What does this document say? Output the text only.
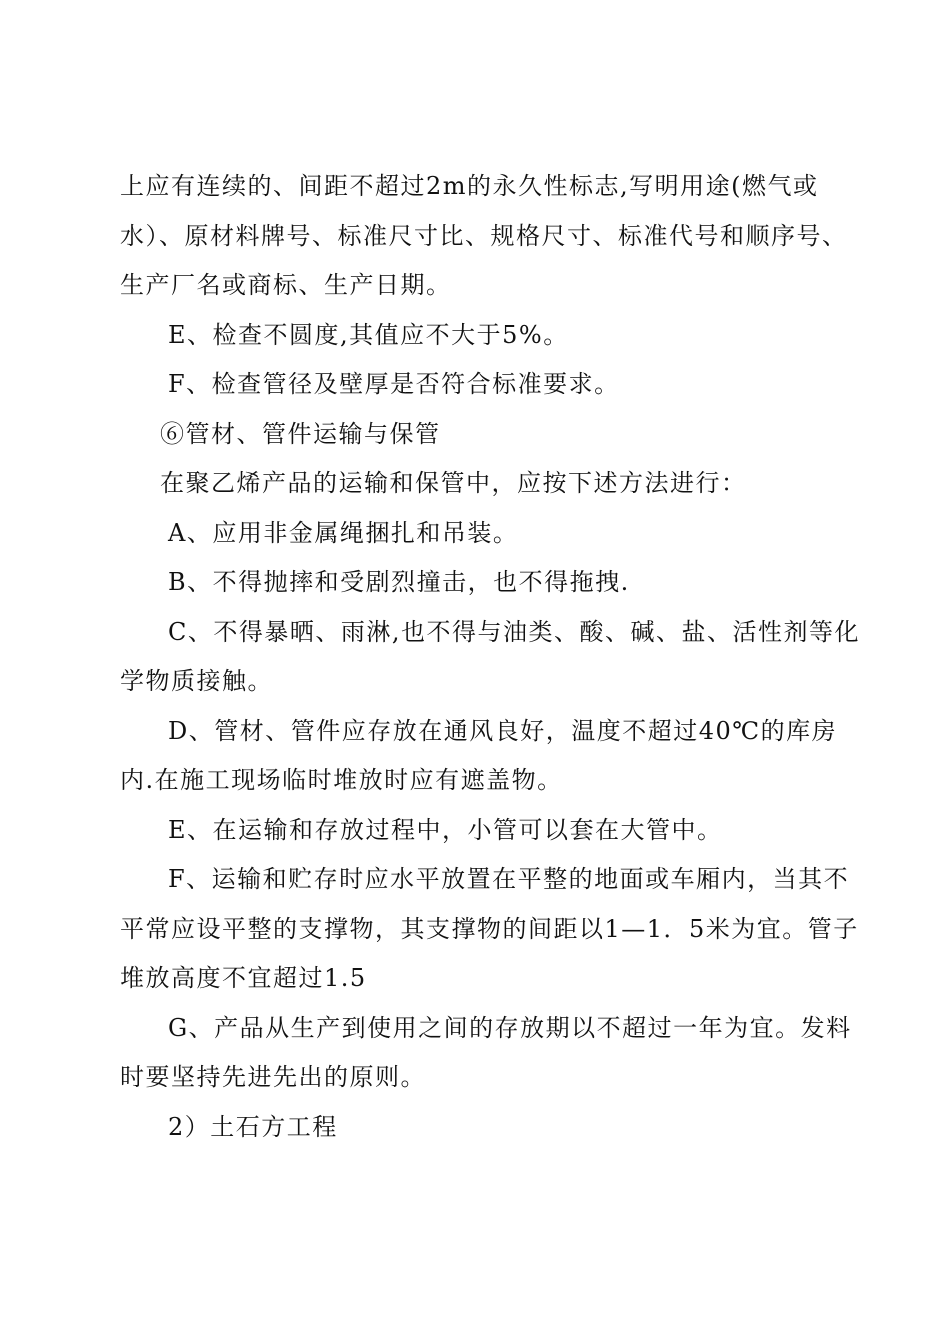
上应有连续的、间距不超过2m的永久性标志,写明用途(燃气或水）、原材料牌号、标准尺寸比、规格尺寸、标准代号和顺序号、生产厂名或商标、生产日期。

E、检查不圆度,其值应不大于5%。

F、检查管径及壁厚是否符合标准要求。

⑥管材、管件运输与保管

在聚乙烯产品的运输和保管中，应按下述方法进行：

A、应用非金属绳捆扎和吊装。

B、不得抛摔和受剧烈撞击，也不得拖拽.

C、不得暴晒、雨淋,也不得与油类、酸、碱、盐、活性剂等化学物质接触。

D、管材、管件应存放在通风良好，温度不超过40℃的库房内.在施工现场临时堆放时应有遮盖物。

E、在运输和存放过程中，小管可以套在大管中。

F、运输和贮存时应水平放置在平整的地面或车厢内，当其不平常应设平整的支撑物，其支撑物的间距以1—1．5米为宜。管子堆放高度不宜超过1.5

G、产品从生产到使用之间的存放期以不超过一年为宜。发料时要坚持先进先出的原则。

2）土石方工程
